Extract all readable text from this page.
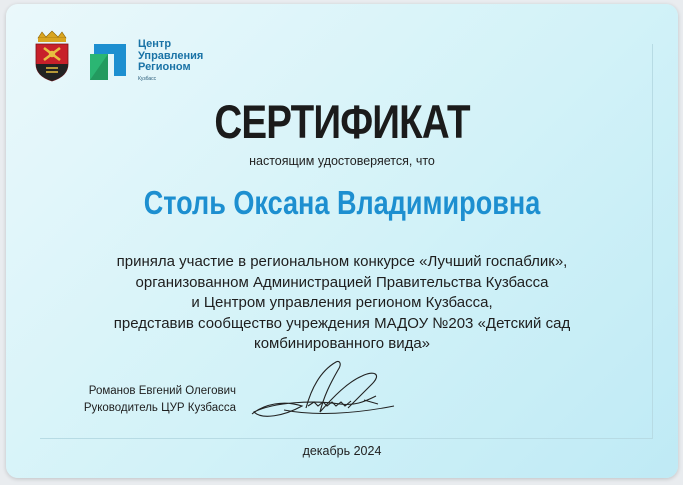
Центр
Управления
Регионом
Кузбасс
СЕРТИФИКАТ
настоящим удостоверяется, что
Столь Оксана Владимировна
приняла участие в региональном конкурсе «Лучший госпаблик»,
организованном Администрацией Правительства Кузбасса
и Центром управления регионом Кузбасса,
представив сообщество учреждения МАДОУ №203 «Детский сад
комбинированного вида»
Романов Евгений Олегович
Руководитель ЦУР Кузбасса
декабрь 2024
